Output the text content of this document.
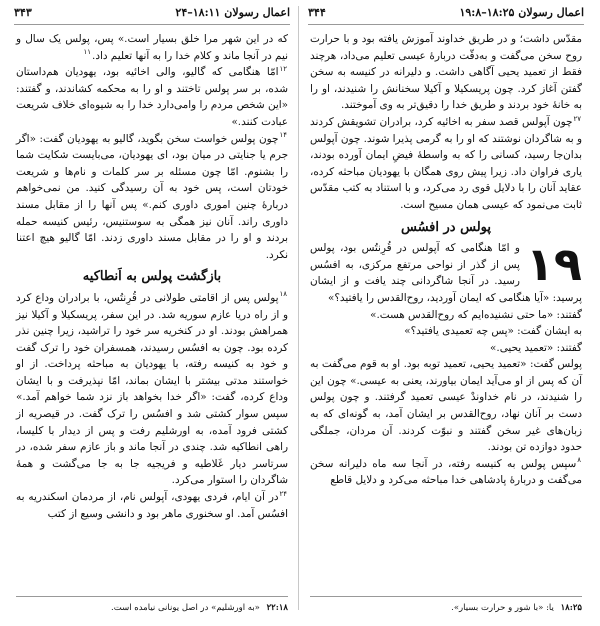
اعمال رسولان ۱۸:۱۱–۲۴
۳۴۳

که در این شهر مرا خلق بسیار است.» پس، پولس یک سال و نیم در آنجا ماند و کلام خدا را به آنها تعلیم داد.$^{۱۱}$

$^{۱۲}$امّا هنگامی که گالیو، والی اخائیه بود، یهودیان هم‌داستان شده، بر سر پولس تاختند و او را به محکمه کشاندند، و گفتند: «این شخص مردم را وامی‌دارد خدا را به شیوه‌ای خلاف شریعت عبادت کنند.»

$^{۱۴}$چون پولس خواست سخن بگوید، گالیو به یهودیان گفت: «اگر جرم یا جنایتی در میان بود، ای یهودیان، می‌بایست شکایت شما را بشنوم. امّا چون مسئله بر سر کلمات و نام‌ها و شریعت خودتان است، پس خود به آن رسیدگی کنید. من نمی‌خواهم دربارهٔ چنین اموری داوری کنم.» پس آنها را از مقابل مسند داوری راند. آنان نیز همگی به سوستنیس، رئیس کنیسه حمله بردند و او را در مقابل مسند داوری زدند. امّا گالیو هیچ اعتنا نکرد.

بازگشت پولس به اَنطاکیه

$^{۱۸}$پولس پس از اقامتی طولانی در قُرِنتُس، با برادران وداع کرد و از راه دریا عازم سوریه شد. در این سفر، پریسکیلا و آکیلا نیز همراهش بودند. او در کنخریه سر خود را تراشید، زیرا چنین نذر کرده بود. چون به افسُس رسیدند، همسفران خود را ترک گفت و خود به کنیسه رفته، با یهودیان به مباحثه پرداخت. از او خواستند مدتی بیشتر با ایشان بماند، امّا نپذیرفت و با ایشان وداع کرده، گفت: «اگر خدا بخواهد باز نزد شما خواهم آمد.» سپس سوار کشتی شد و افسُس را ترک گفت. در قیصریه از کشتی فرود آمده، به اورشلیم رفت و پس از دیدار با کلیسا، راهی انطاکیه شد. چندی در آنجا ماند و باز عازم سفر شده، در سرتاسر دیار غَلاطیه و فریجیه جا به جا می‌گشت و همهٔ شاگردان را استوار می‌کرد.

$^{۲۴}$در آن ایام، فردی یهودی، آپولس نام، از مردمان اسکندریه به افسُس آمد. او سخنوری ماهر بود و دانشی وسیع از کتب

۲۲:۱۸ «به اورشلیم» در اصل یونانی نیامده است.
اعمال رسولان ۱۸:۲۵–۱۹:۸
۳۴۴

مقدّس داشت؛ و در طریق خداوند آموزش یافته بود و با حرارت روح سخن می‌گفت و به‌دقّت دربارهٔ عیسی تعلیم می‌داد، هرچند فقط از تعمید یحیی آگاهی داشت. و دلیرانه در کنیسه به سخن گفتن آغاز کرد. چون پریسکیلا و آکیلا سخنانش را شنیدند، او را به خانهٔ خود بردند و طریق خدا را دقیق‌تر به وی آموختند.

$^{۲۷}$چون آپولس قصد سفر به اخائیه کرد، برادران تشویقش کردند و به شاگردان نوشتند که او را به گرمی پذیرا شوند. چون آپولس بدان‌جا رسید، کسانی را که به واسطهٔ فیضِ ایمان آورده بودند، یاری فراوان داد. زیرا پیش روی همگان با یهودیان مباحثه کرده، عقاید آنان را با دلایل قوی رد می‌کرد، و با استناد به کتب مقدّس ثابت می‌نمود که عیسی همان مسیح است.

پولس در افسُس
۱۹
و امّا هنگامی که آپولس در قُرِنتُس بود، پولس پس از گذر از نواحی مرتفع مرکزی، به افسُس رسید. در آنجا شاگردانی چند یافت و از ایشان پرسید: «آیا هنگامی که ایمان آوردید، روح‌القدس را یافتید؟»

گفتند: «ما حتی نشنیده‌ایم که روح‌القدس هست.»

به ایشان گفت: «پس چه تعمیدی یافتید؟»

گفتند: «تعمید یحیی.»

پولس گفت: «تعمید یحیی، تعمید توبه بود. او به قوم می‌گفت به آن که پس از او می‌آید ایمان بیاورند، یعنی به عیسی.» چون این را شنیدند، در نام خداوندْ عیسی تعمید گرفتند. و چون پولس دست بر آنان نهاد، روح‌القدس بر ایشان آمد، به گونه‌ای که به زبان‌های غیر سخن گفتند و نبوّت کردند. آن مردان، جملگی حدود دوازده تن بودند.

$^۸$سپس پولس به کنیسه رفته، در آنجا سه ماه دلیرانه سخن می‌گفت و دربارهٔ پادشاهی خدا مباحثه می‌کرد و دلایل قاطع

۱۸:۲۵ یا: «با شور و حرارت بسیار».
